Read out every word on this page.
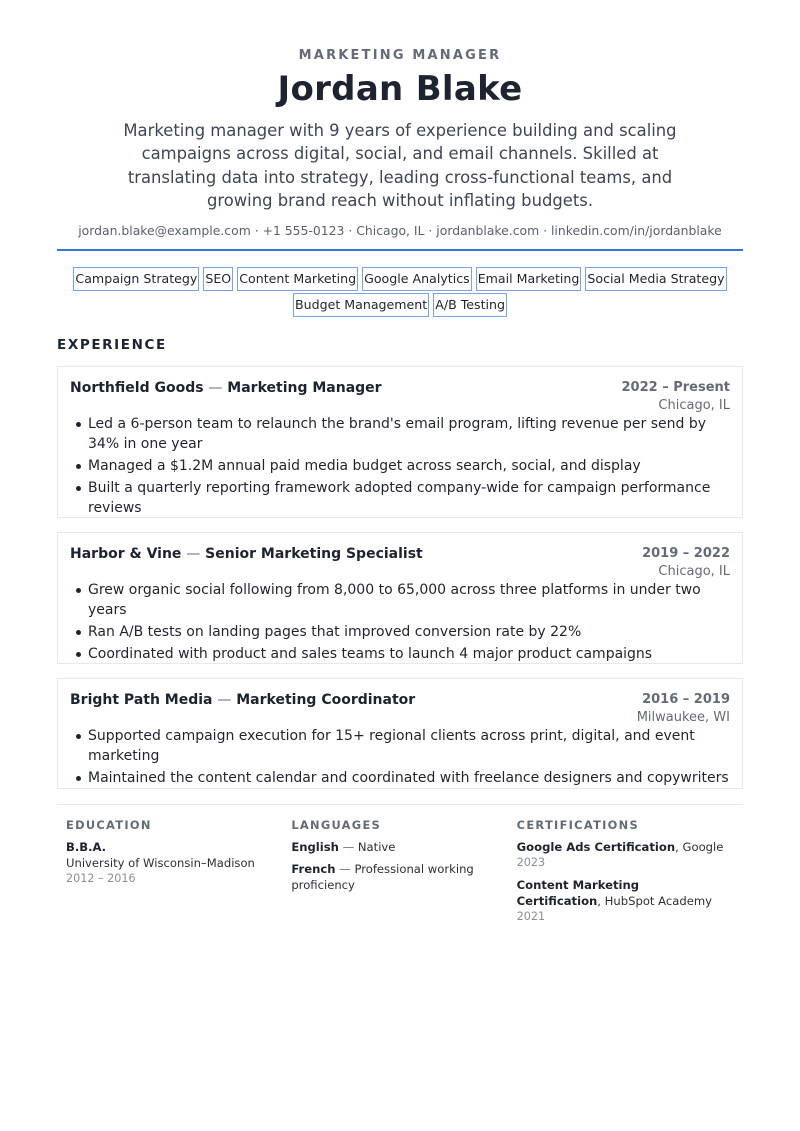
MARKETING MANAGER
Jordan Blake
Marketing manager with 9 years of experience building and scaling campaigns across digital, social, and email channels. Skilled at translating data into strategy, leading cross-functional teams, and growing brand reach without inflating budgets.
jordan.blake@example.com · +1 555-0123 · Chicago, IL · jordanblake.com · linkedin.com/in/jordanblake
Campaign Strategy SEO Content Marketing Google Analytics Email Marketing Social Media Strategy
Budget Management A/B Testing
EXPERIENCE
Northfield Goods — Marketing Manager	2022 – Present
Chicago, IL
Led a 6-person team to relaunch the brand's email program, lifting revenue per send by 34% in one year
Managed a $1.2M annual paid media budget across search, social, and display
Built a quarterly reporting framework adopted company-wide for campaign performance reviews
Harbor & Vine — Senior Marketing Specialist	2019 – 2022
Chicago, IL
Grew organic social following from 8,000 to 65,000 across three platforms in under two years
Ran A/B tests on landing pages that improved conversion rate by 22%
Coordinated with product and sales teams to launch 4 major product campaigns
Bright Path Media — Marketing Coordinator	2016 – 2019
Milwaukee, WI
Supported campaign execution for 15+ regional clients across print, digital, and event marketing
Maintained the content calendar and coordinated with freelance designers and copywriters
EDUCATION
B.B.A.
University of Wisconsin–Madison
2012 – 2016
LANGUAGES
English — Native
French — Professional working proficiency
CERTIFICATIONS
Google Ads Certification, Google
2023
Content Marketing Certification, HubSpot Academy
2021
